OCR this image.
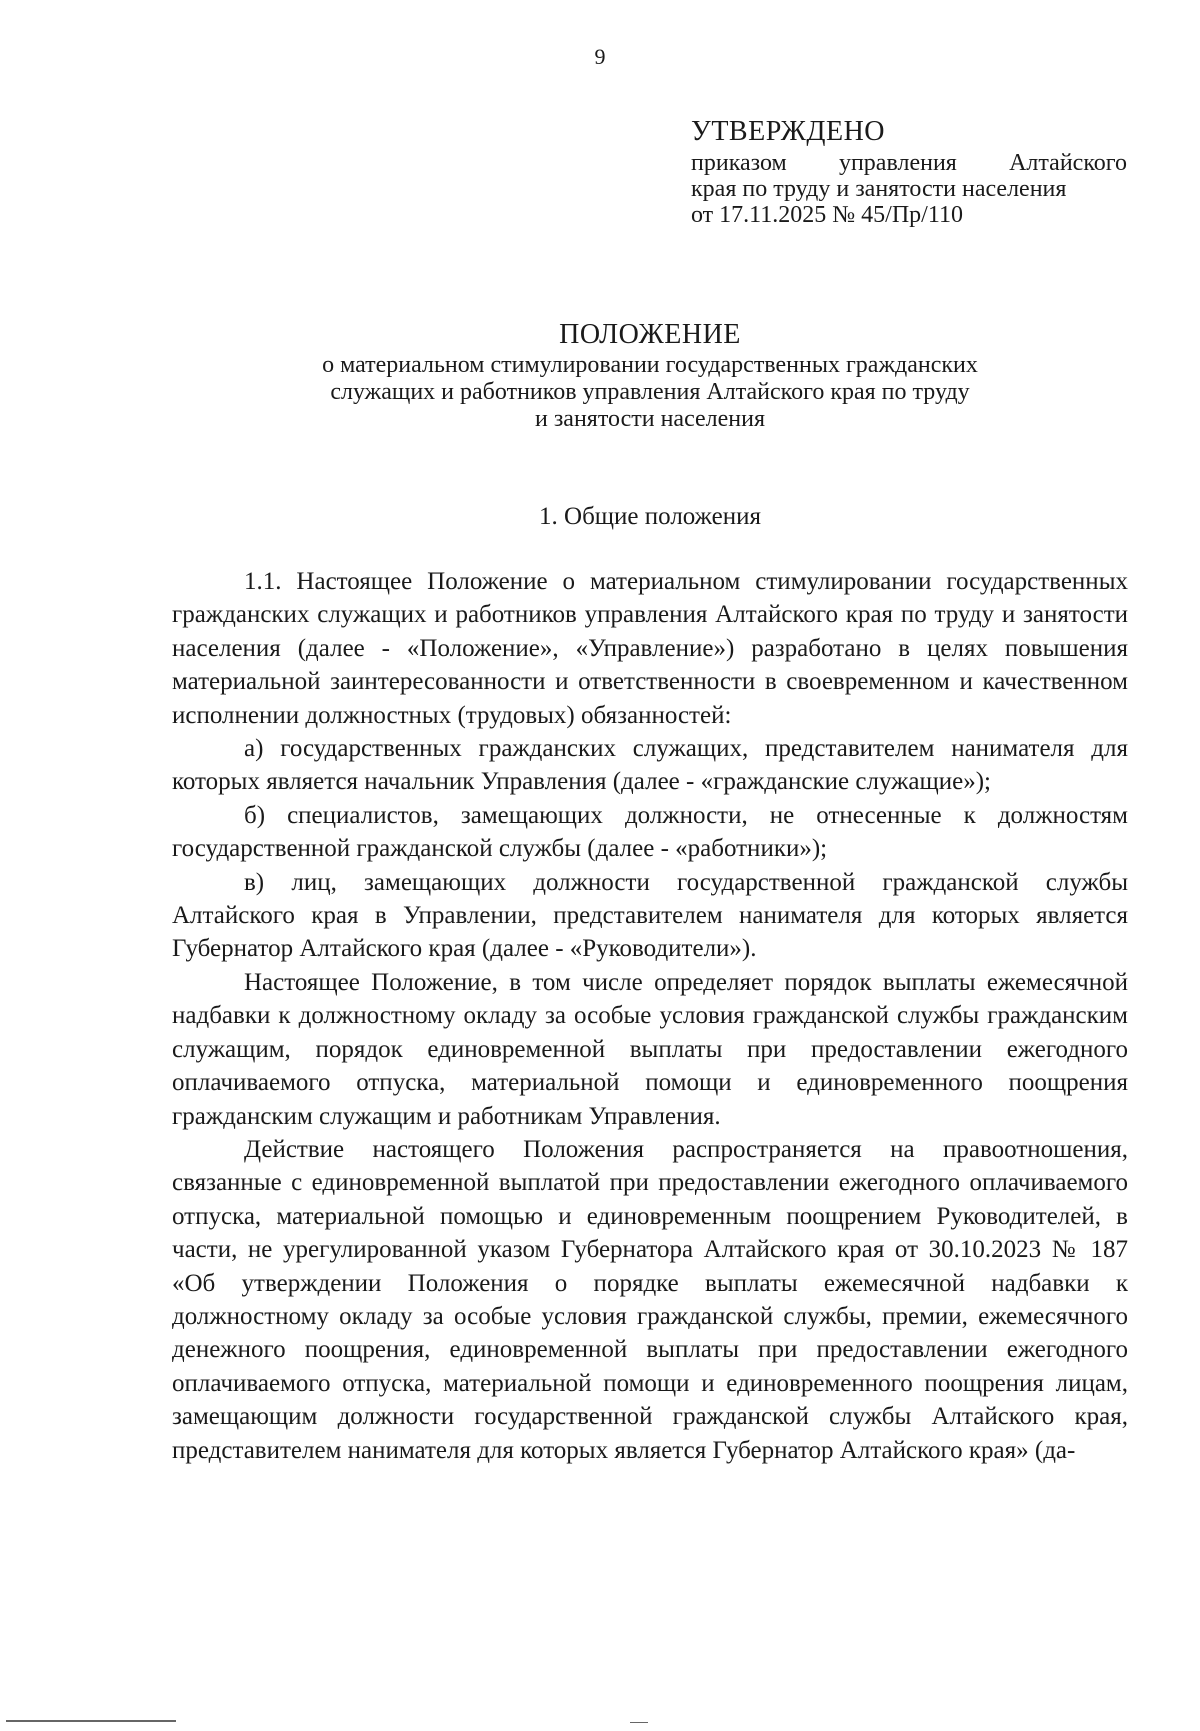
9
УТВЕРЖДЕНО
приказом управления Алтайского
края по труду и занятости населения
от 17.11.2025 № 45/Пр/110
ПОЛОЖЕНИЕ
о материальном стимулировании государственных гражданских
служащих и работников управления Алтайского края по труду
и занятости населения
1. Общие положения

1.1. Настоящее Положение о материальном стимулировании государственных гражданских служащих и работников управления Алтайского края по труду и занятости населения (далее - «Положение», «Управление») разработано в целях повышения материальной заинтересованности и ответственности в своевременном и качественном исполнении должностных (трудовых) обязанностей:

а) государственных гражданских служащих, представителем нанимателя для которых является начальник Управления (далее - «гражданские служащие»);

б) специалистов, замещающих должности, не отнесенные к должностям государственной гражданской службы (далее - «работники»);

в) лиц, замещающих должности государственной гражданской службы Алтайского края в Управлении, представителем нанимателя для которых является Губернатор Алтайского края (далее - «Руководители»).

Настоящее Положение, в том числе определяет порядок выплаты ежемесячной надбавки к должностному окладу за особые условия гражданской службы гражданским служащим, порядок единовременной выплаты при предоставлении ежегодного оплачиваемого отпуска, материальной помощи и единовременного поощрения гражданским служащим и работникам Управления.

Действие настоящего Положения распространяется на правоотношения, связанные с единовременной выплатой при предоставлении ежегодного оплачиваемого отпуска, материальной помощью и единовременным поощрением Руководителей, в части, не урегулированной указом Губернатора Алтайского края от 30.10.2023 № 187 «Об утверждении Положения о порядке выплаты ежемесячной надбавки к должностному окладу за особые условия гражданской службы, премии, ежемесячного денежного поощрения, единовременной выплаты при предоставлении ежегодного оплачиваемого отпуска, материальной помощи и единовременного поощрения лицам, замещающим должности государственной гражданской службы Алтайского края, представителем нанимателя для которых является Губернатор Алтайского края» (да-
